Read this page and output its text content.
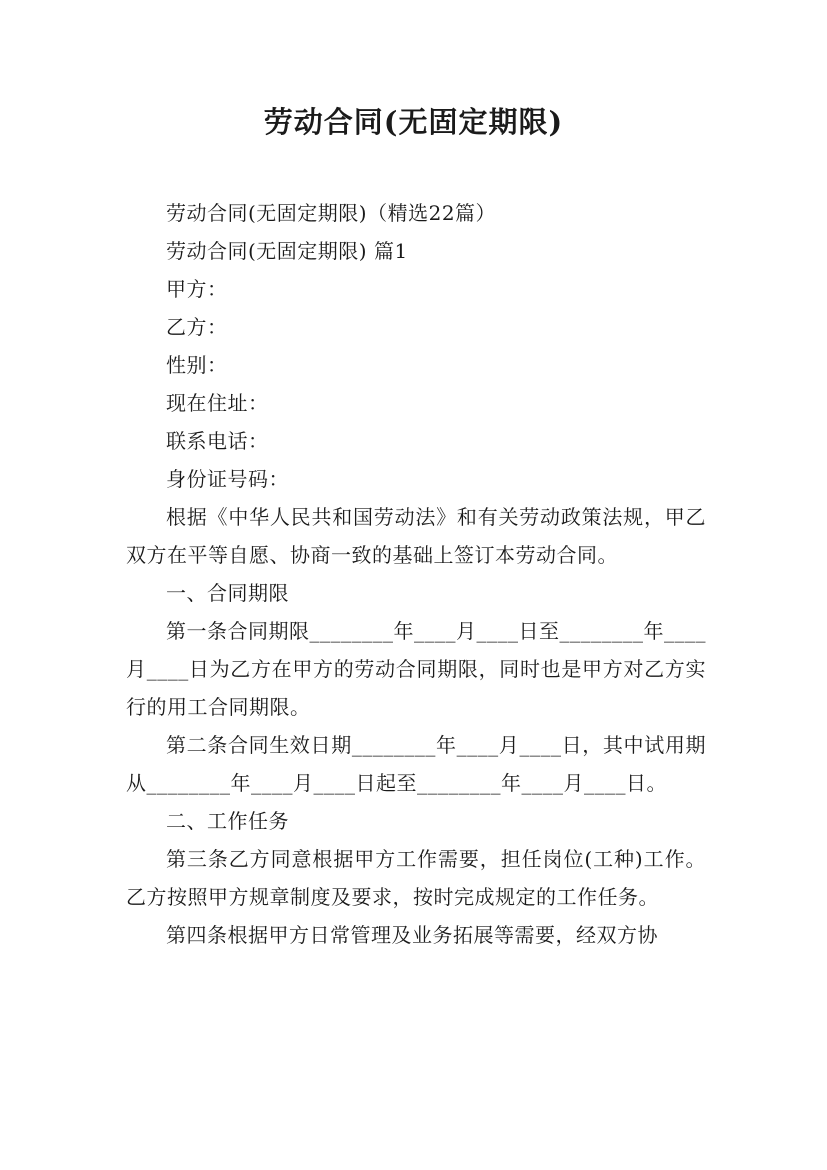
劳动合同(无固定期限)

劳动合同(无固定期限)（精选22篇）

劳动合同(无固定期限) 篇1

甲方：

乙方：

性别：

现在住址：

联系电话：

身份证号码：

根据《中华人民共和国劳动法》和有关劳动政策法规，甲乙双方在平等自愿、协商一致的基础上签订本劳动合同。

一、合同期限

第一条合同期限________年____月____日至________年____月____日为乙方在甲方的劳动合同期限，同时也是甲方对乙方实行的用工合同期限。

第二条合同生效日期________年____月____日，其中试用期从________年____月____日起至________年____月____日。

二、工作任务

第三条乙方同意根据甲方工作需要，担任岗位(工种)工作。乙方按照甲方规章制度及要求，按时完成规定的工作任务。

第四条根据甲方日常管理及业务拓展等需要，经双方协
